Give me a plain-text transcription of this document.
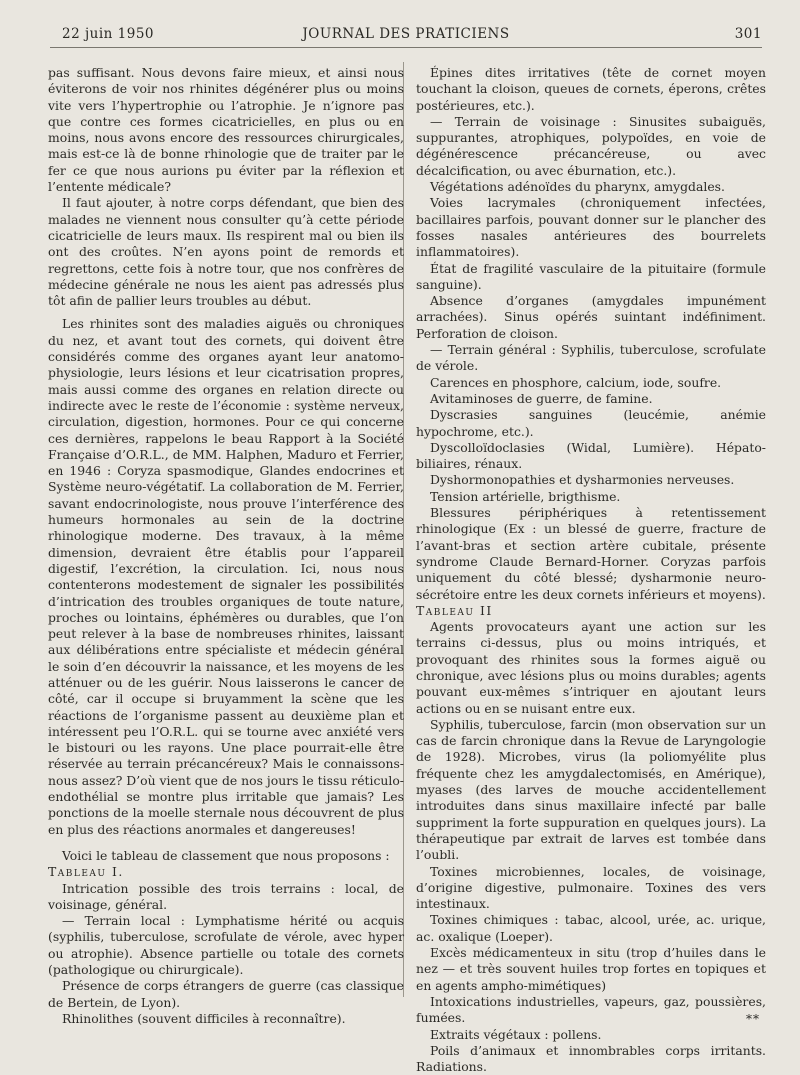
22 juin 1950	JOURNAL DES PRATICIENS	301

pas suffisant. Nous devons faire mieux, et ainsi nous éviterons de voir nos rhinites dégénérer plus ou moins vite vers l’hypertrophie ou l’atrophie. Je n’ignore pas que contre ces formes cicatricielles, en plus ou en moins, nous avons encore des ressources chirurgicales, mais est-ce là de bonne rhinologie que de traiter par le fer ce que nous aurions pu éviter par la réflexion et l’entente médicale?

Il faut ajouter, à notre corps défendant, que bien des malades ne viennent nous consulter qu’à cette période cicatricielle de leurs maux. Ils respirent mal ou bien ils ont des croûtes. N’en ayons point de remords et regrettons, cette fois à notre tour, que nos confrères de médecine générale ne nous les aient pas adressés plus tôt afin de pallier leurs troubles au début.

Les rhinites sont des maladies aiguës ou chroniques du nez, et avant tout des cornets, qui doivent être considérés comme des organes ayant leur anatomo-physiologie, leurs lésions et leur cicatrisation propres, mais aussi comme des organes en relation directe ou indirecte avec le reste de l’économie : système nerveux, circulation, digestion, hormones. Pour ce qui concerne ces dernières, rappelons le beau Rapport à la Société Française d’O.R.L., de MM. Halphen, Maduro et Ferrier, en 1946 : Coryza spasmodique, Glandes endocrines et Système neuro-végétatif. La collaboration de M. Ferrier, savant endocrinologiste, nous prouve l’interférence des humeurs hormonales au sein de la doctrine rhinologique moderne. Des travaux, à la même dimension, devraient être établis pour l’appareil digestif, l’excrétion, la circulation. Ici, nous nous contenterons modestement de signaler les possibilités d’intrication des troubles organiques de toute nature, proches ou lointains, éphémères ou durables, que l’on peut relever à la base de nombreuses rhinites, laissant aux délibérations entre spécialiste et médecin général le soin d’en découvrir la naissance, et les moyens de les atténuer ou de les guérir. Nous laisserons le cancer de côté, car il occupe si bruyamment la scène que les réactions de l’organisme passent au deuxième plan et intéressent peu l’O.R.L. qui se tourne avec anxiété vers le bistouri ou les rayons. Une place pourrait-elle être réservée au terrain précancéreux? Mais le connaissons-nous assez? D’où vient que de nos jours le tissu réticulo-endothélial se montre plus irritable que jamais? Les ponctions de la moelle sternale nous découvrent de plus en plus des réactions anormales et dangereuses!

Voici le tableau de classement que nous proposons :

Tableau I.

Intrication possible des trois terrains : local, de voisinage, général.

— Terrain local : Lymphatisme hérité ou acquis (syphilis, tuberculose, scrofulate de vérole, avec hyper ou atrophie). Absence partielle ou totale des cornets (pathologique ou chirurgicale).

Présence de corps étrangers de guerre (cas classique de Bertein, de Lyon).

Rhinolithes (souvent difficiles à reconnaître).

Épines dites irritatives (tête de cornet moyen touchant la cloison, queues de cornets, éperons, crêtes postérieures, etc.).

— Terrain de voisinage : Sinusites subaiguës, suppurantes, atrophiques, polypoïdes, en voie de dégénérescence précancéreuse, ou avec décalcification, ou avec éburnation, etc.).

Végétations adénoïdes du pharynx, amygdales.

Voies lacrymales (chroniquement infectées, bacillaires parfois, pouvant donner sur le plancher des fosses nasales antérieures des bourrelets inflammatoires).

État de fragilité vasculaire de la pituitaire (formule sanguine).

Absence d’organes (amygdales impunément arrachées). Sinus opérés suintant indéfiniment. Perforation de cloison.

— Terrain général : Syphilis, tuberculose, scrofulate de vérole.

Carences en phosphore, calcium, iode, soufre.

Avitaminoses de guerre, de famine.

Dyscrasies sanguines (leucémie, anémie hypochrome, etc.).

Dyscolloïdoclasies (Widal, Lumière). Hépato-biliaires, rénaux.

Dyshormonopathies et dysharmonies nerveuses.

Tension artérielle, brigthisme.

Blessures périphériques à retentissement rhinologique (Ex : un blessé de guerre, fracture de l’avant-bras et section artère cubitale, présente syndrome Claude Bernard-Horner. Coryzas parfois uniquement du côté blessé; dysharmonie neuro-sécrétoire entre les deux cornets inférieurs et moyens).

Tableau II

Agents provocateurs ayant une action sur les terrains ci-dessus, plus ou moins intriqués, et provoquant des rhinites sous la formes aiguë ou chronique, avec lésions plus ou moins durables; agents pouvant eux-mêmes s’intriquer en ajoutant leurs actions ou en se nuisant entre eux.

Syphilis, tuberculose, farcin (mon observation sur un cas de farcin chronique dans la Revue de Laryngologie de 1928). Microbes, virus (la poliomyélite plus fréquente chez les amygdalectomisés, en Amérique), myases (des larves de mouche accidentellement introduites dans sinus maxillaire infecté par balle suppriment la forte suppuration en quelques jours). La thérapeutique par extrait de larves est tombée dans l’oubli.

Toxines microbiennes, locales, de voisinage, d’origine digestive, pulmonaire. Toxines des vers intestinaux.

Toxines chimiques : tabac, alcool, urée, ac. urique, ac. oxalique (Loeper).

Excès médicamenteux in situ (trop d’huiles dans le nez — et très souvent huiles trop fortes en topiques et en agents ampho-mimétiques)

Intoxications industrielles, vapeurs, gaz, poussières, fumées.

Extraits végétaux : pollens.

Poils d’animaux et innombrables corps irritants. Radiations.

**
